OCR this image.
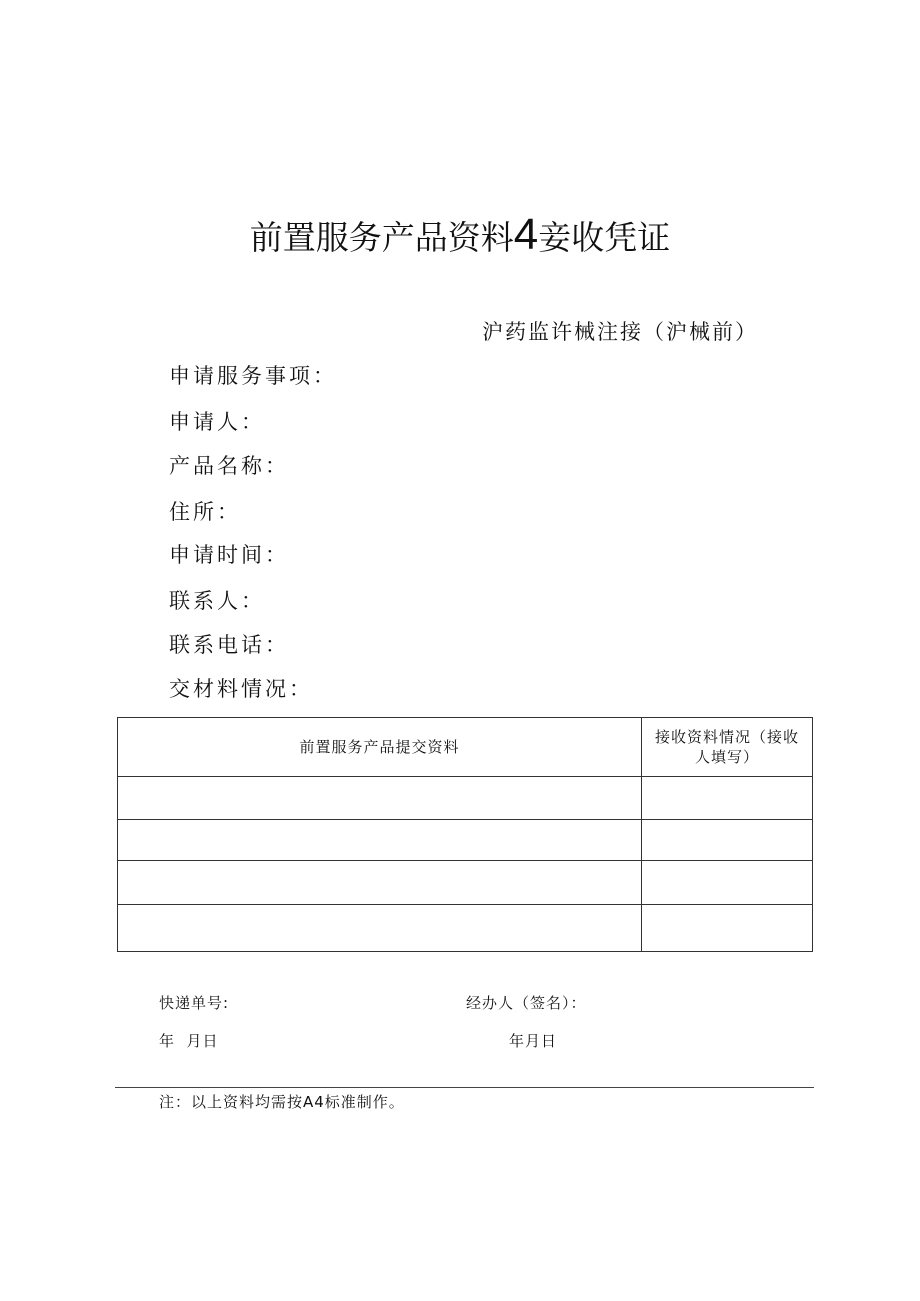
前置服务产品资料4妾收凭证
沪药监许械注接（沪械前）
申请服务事项：
申请人：
产品名称：
住所：
申请时间：
联系人：
联系电话：
交材料情况：
前置服务产品提交资料	接收资料情况（接收人填写）

快递单号:	经办人（签名）：
年  月日	年月日
注：以上资料均需按A4标准制作。
